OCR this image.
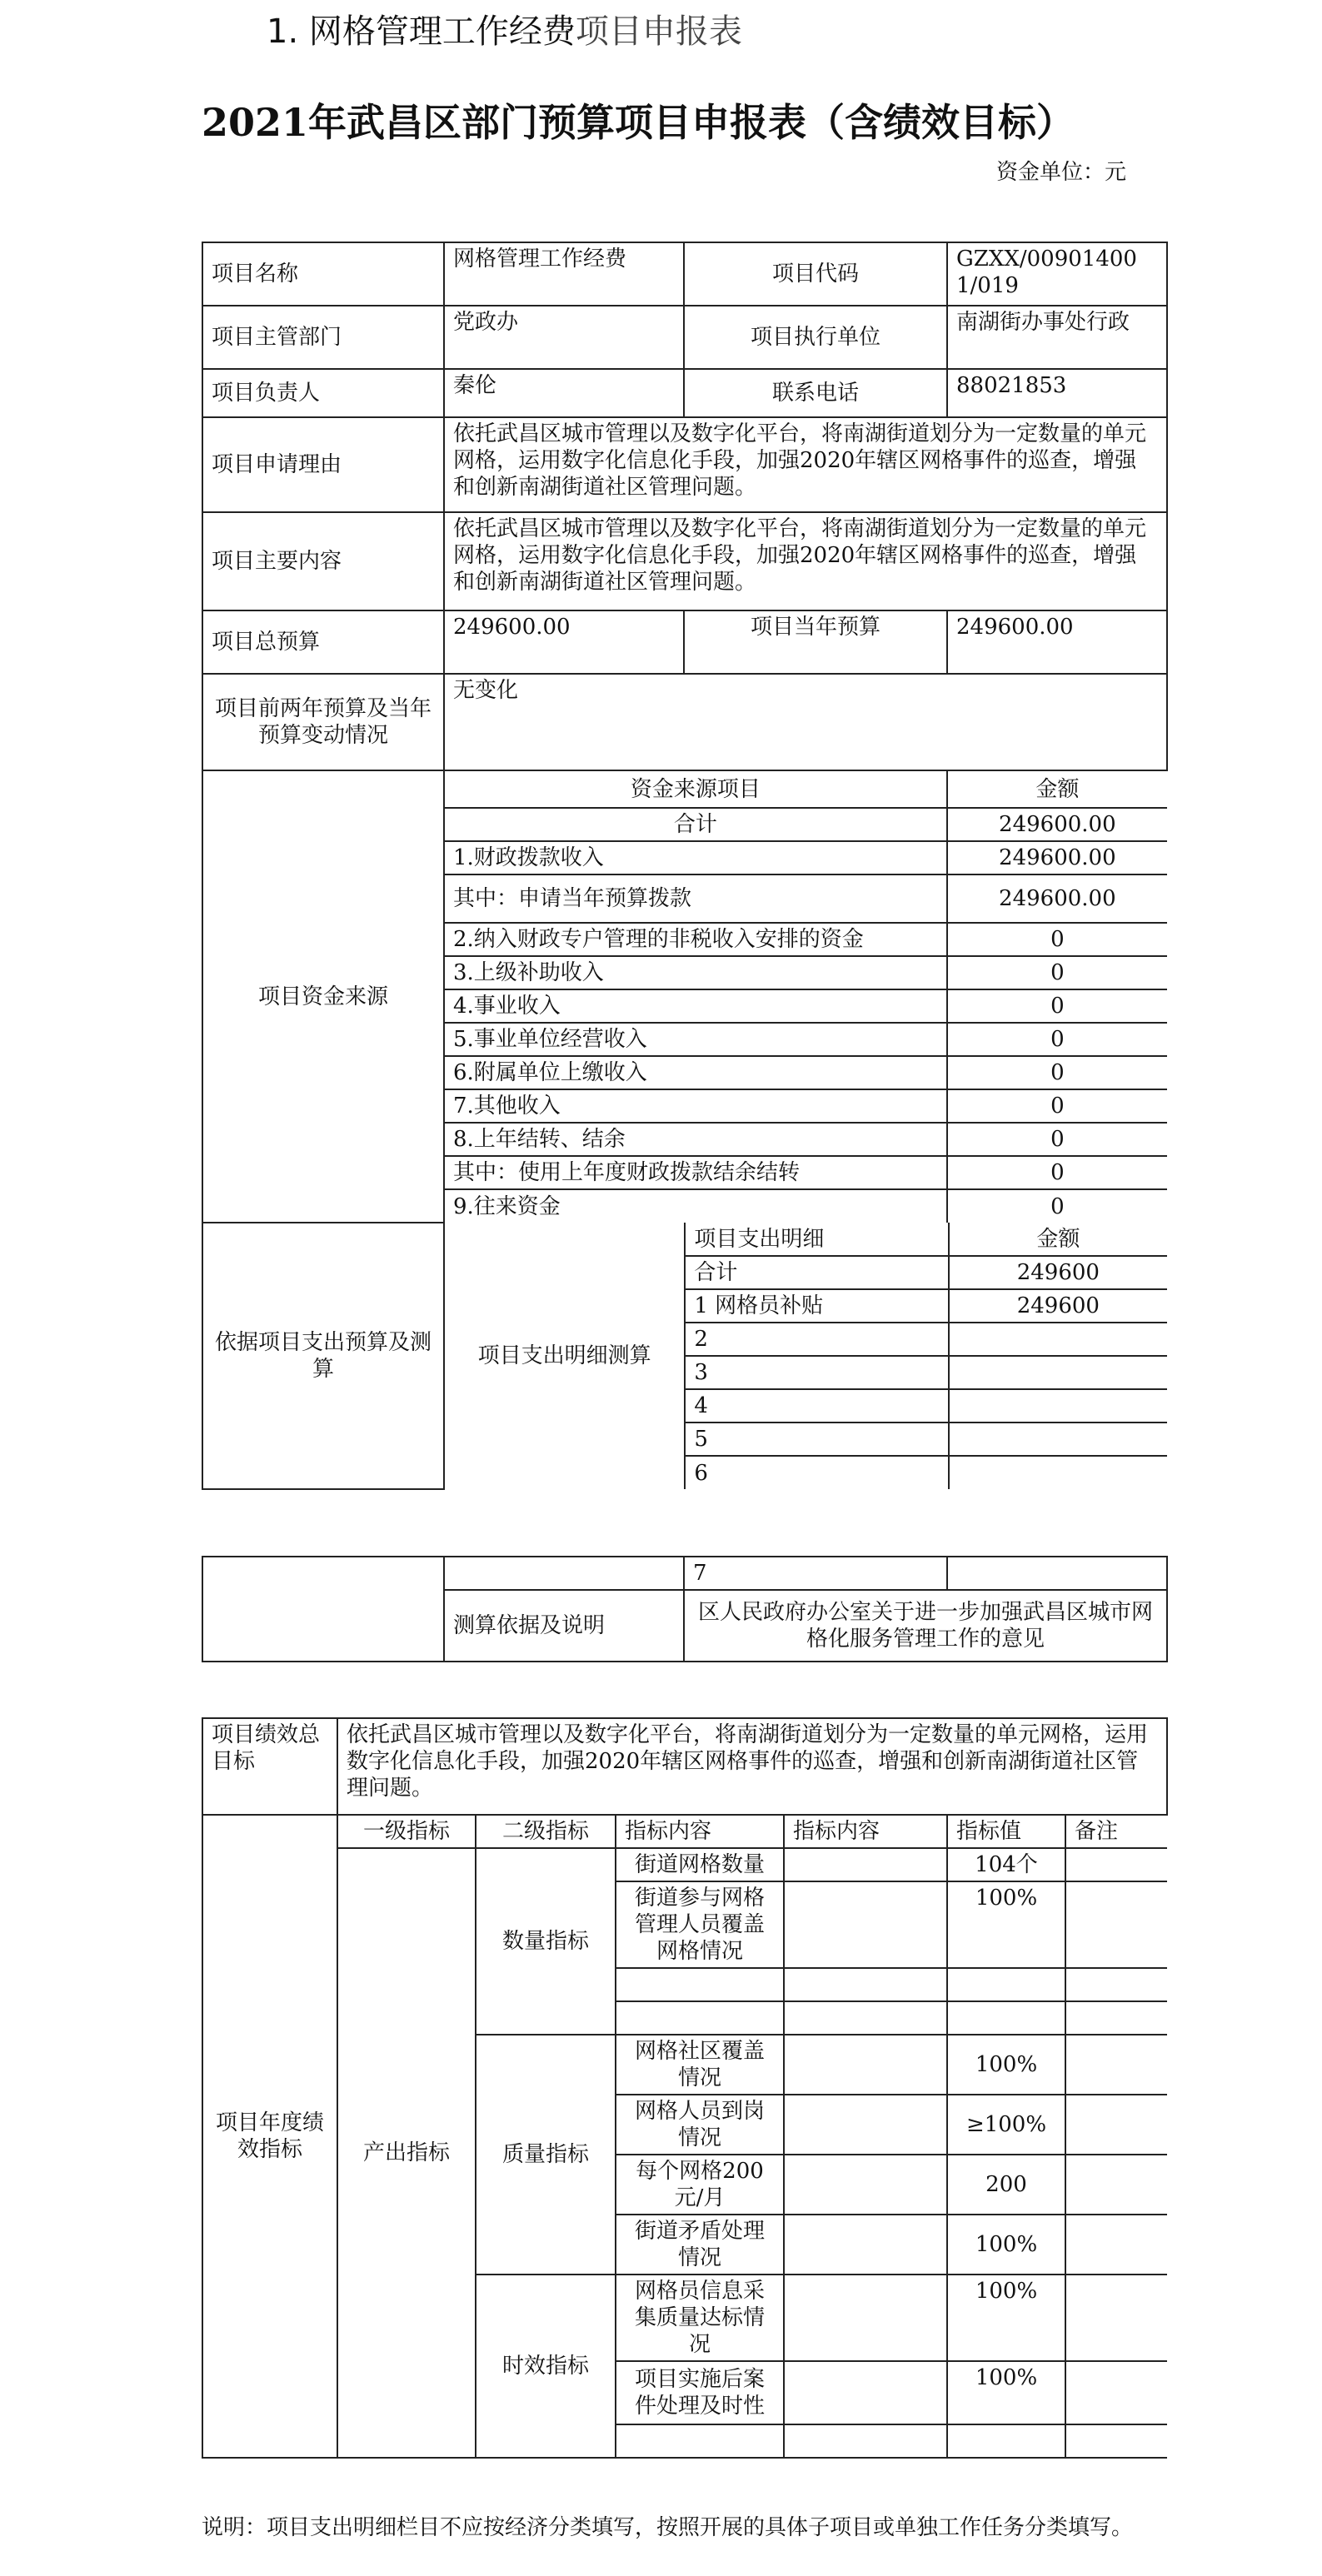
1. 网格管理工作经费项目申报表
2021年武昌区部门预算项目申报表（含绩效目标）
资金单位：元
项目名称	网格管理工作经费	项目代码	GZXX/009014001/019
项目主管部门	党政办	项目执行单位	南湖街办事处行政
项目负责人	秦伦	联系电话	88021853
项目申请理由	依托武昌区城市管理以及数字化平台，将南湖街道划分为一定数量的单元网格，运用数字化信息化手段，加强2020年辖区网格事件的巡查，增强和创新南湖街道社区管理问题。
项目主要内容	依托武昌区城市管理以及数字化平台，将南湖街道划分为一定数量的单元网格，运用数字化信息化手段，加强2020年辖区网格事件的巡查，增强和创新南湖街道社区管理问题。
项目总预算	249600.00	项目当年预算	249600.00
项目前两年预算及当年预算变动情况	无变化
项目资金来源	
资金来源项目	金额
合计	249600.00
1.财政拨款收入	249600.00
其中：申请当年预算拨款	249600.00
2.纳入财政专户管理的非税收入安排的资金	0
3.上级补助收入	0
4.事业收入	0
5.事业单位经营收入	0
6.附属单位上缴收入	0
7.其他收入	0
8.上年结转、结余	0
其中：使用上年度财政拨款结余结转	0
9.往来资金	0

依据项目支出预算及测算	
项目支出明细测算	项目支出明细	金额
合计	249600
1 网格员补贴	249600
2	
3	
4	
5	
6	
		7	
	测算依据及说明	区人民政府办公室关于进一步加强武昌区城市网格化服务管理工作的意见	
项目绩效总目标	依托武昌区城市管理以及数字化平台，将南湖街道划分为一定数量的单元网格，运用数字化信息化手段，加强2020年辖区网格事件的巡查，增强和创新南湖街道社区管理问题。					
项目年度绩效指标	一级指标	二级指标	指标内容	指标内容	指标值	备注
	产出指标	数量指标	街道网格数量		104个	
			街道参与网格管理人员覆盖网格情况		100%	

		质量指标	网格社区覆盖情况		100%	
			网格人员到岗情况		≥100%	
			每个网格200元/月		200	
			街道矛盾处理情况		100%	
		时效指标	网格员信息采集质量达标情况		100%	
			项目实施后案件处理及时性		100%	

说明：项目支出明细栏目不应按经济分类填写，按照开展的具体子项目或单独工作任务分类填写。
